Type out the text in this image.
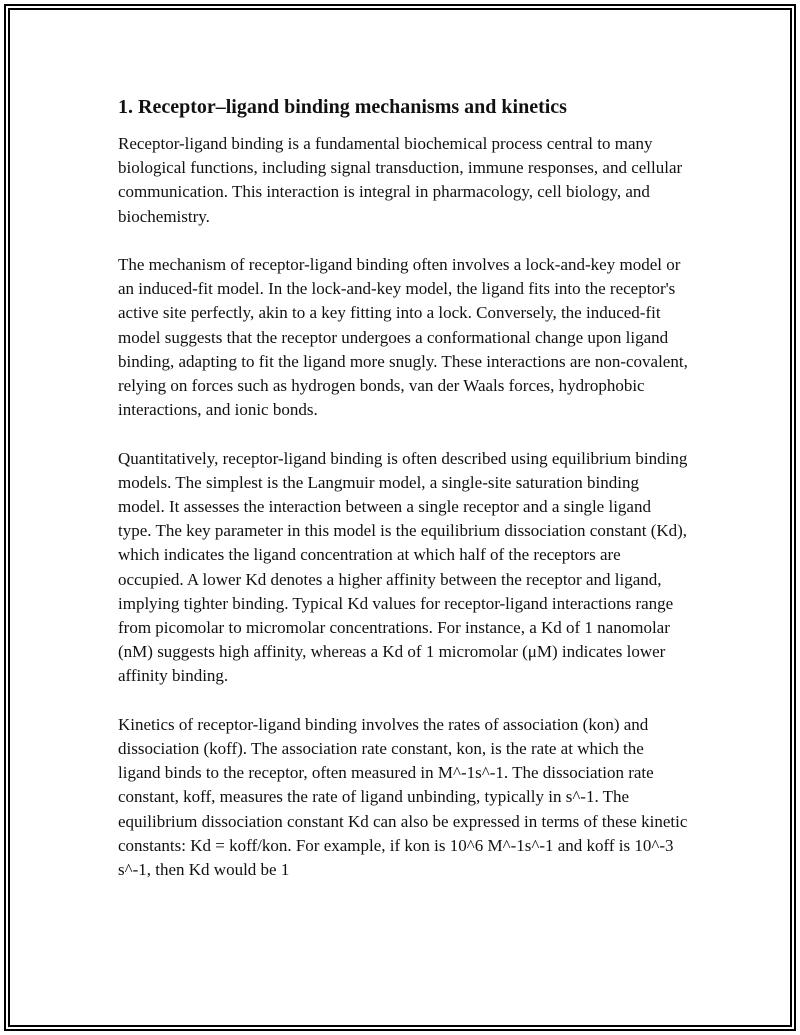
1. Receptor–ligand binding mechanisms and kinetics

Receptor-ligand binding is a fundamental biochemical process central to many biological functions, including signal transduction, immune responses, and cellular communication. This interaction is integral in pharmacology, cell biology, and biochemistry.

The mechanism of receptor-ligand binding often involves a lock-and-key model or an induced-fit model. In the lock-and-key model, the ligand fits into the receptor's active site perfectly, akin to a key fitting into a lock. Conversely, the induced-fit model suggests that the receptor undergoes a conformational change upon ligand binding, adapting to fit the ligand more snugly. These interactions are non-covalent, relying on forces such as hydrogen bonds, van der Waals forces, hydrophobic interactions, and ionic bonds.

Quantitatively, receptor-ligand binding is often described using equilibrium binding models. The simplest is the Langmuir model, a single-site saturation binding model. It assesses the interaction between a single receptor and a single ligand type. The key parameter in this model is the equilibrium dissociation constant (Kd), which indicates the ligand concentration at which half of the receptors are occupied. A lower Kd denotes a higher affinity between the receptor and ligand, implying tighter binding. Typical Kd values for receptor-ligand interactions range from picomolar to micromolar concentrations. For instance, a Kd of 1 nanomolar (nM) suggests high affinity, whereas a Kd of 1 micromolar (μM) indicates lower affinity binding.

Kinetics of receptor-ligand binding involves the rates of association (kon) and dissociation (koff). The association rate constant, kon, is the rate at which the ligand binds to the receptor, often measured in M^-1s^-1. The dissociation rate constant, koff, measures the rate of ligand unbinding, typically in s^-1. The equilibrium dissociation constant Kd can also be expressed in terms of these kinetic constants: Kd = koff/kon. For example, if kon is 10^6 M^-1s^-1 and koff is 10^-3 s^-1, then Kd would be 1
